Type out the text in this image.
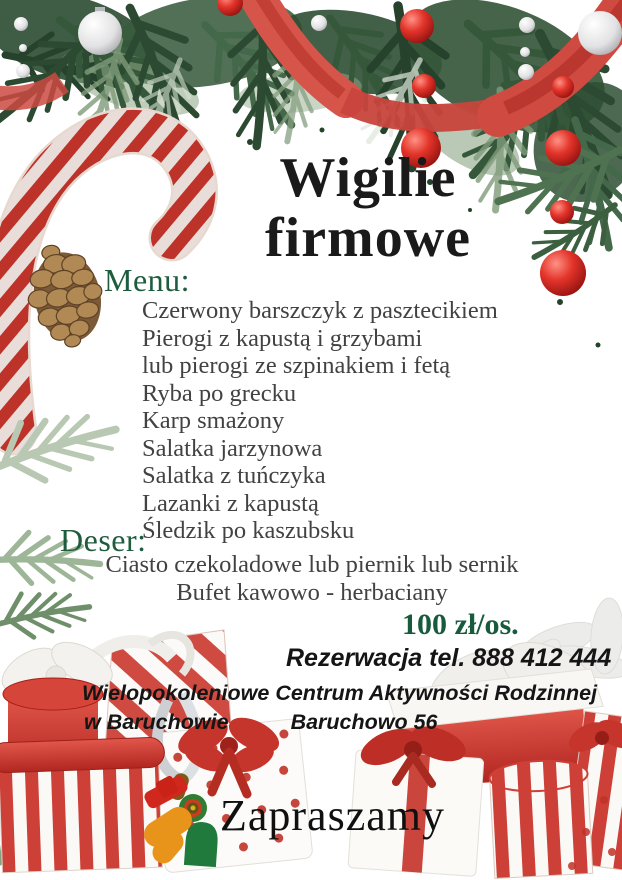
Wigilie
firmowe
Menu:
Czerwony barszczyk z pasztecikiem
Pierogi z kapustą i grzybami
lub pierogi ze szpinakiem i fetą
Ryba po grecku
Karp smażony
Salatka jarzynowa
Salatka z tuńczyka
Lazanki z kapustą
Śledzik po kaszubsku
Deser:
Ciasto czekoladowe lub piernik lub sernik
Bufet kawowo - herbaciany
100 zł/os.
Rezerwacja tel. 888 412 444
Wielopokoleniowe Centrum Aktywności Rodzinnej
w Baruchowie	Baruchowo 56
Zapraszamy
